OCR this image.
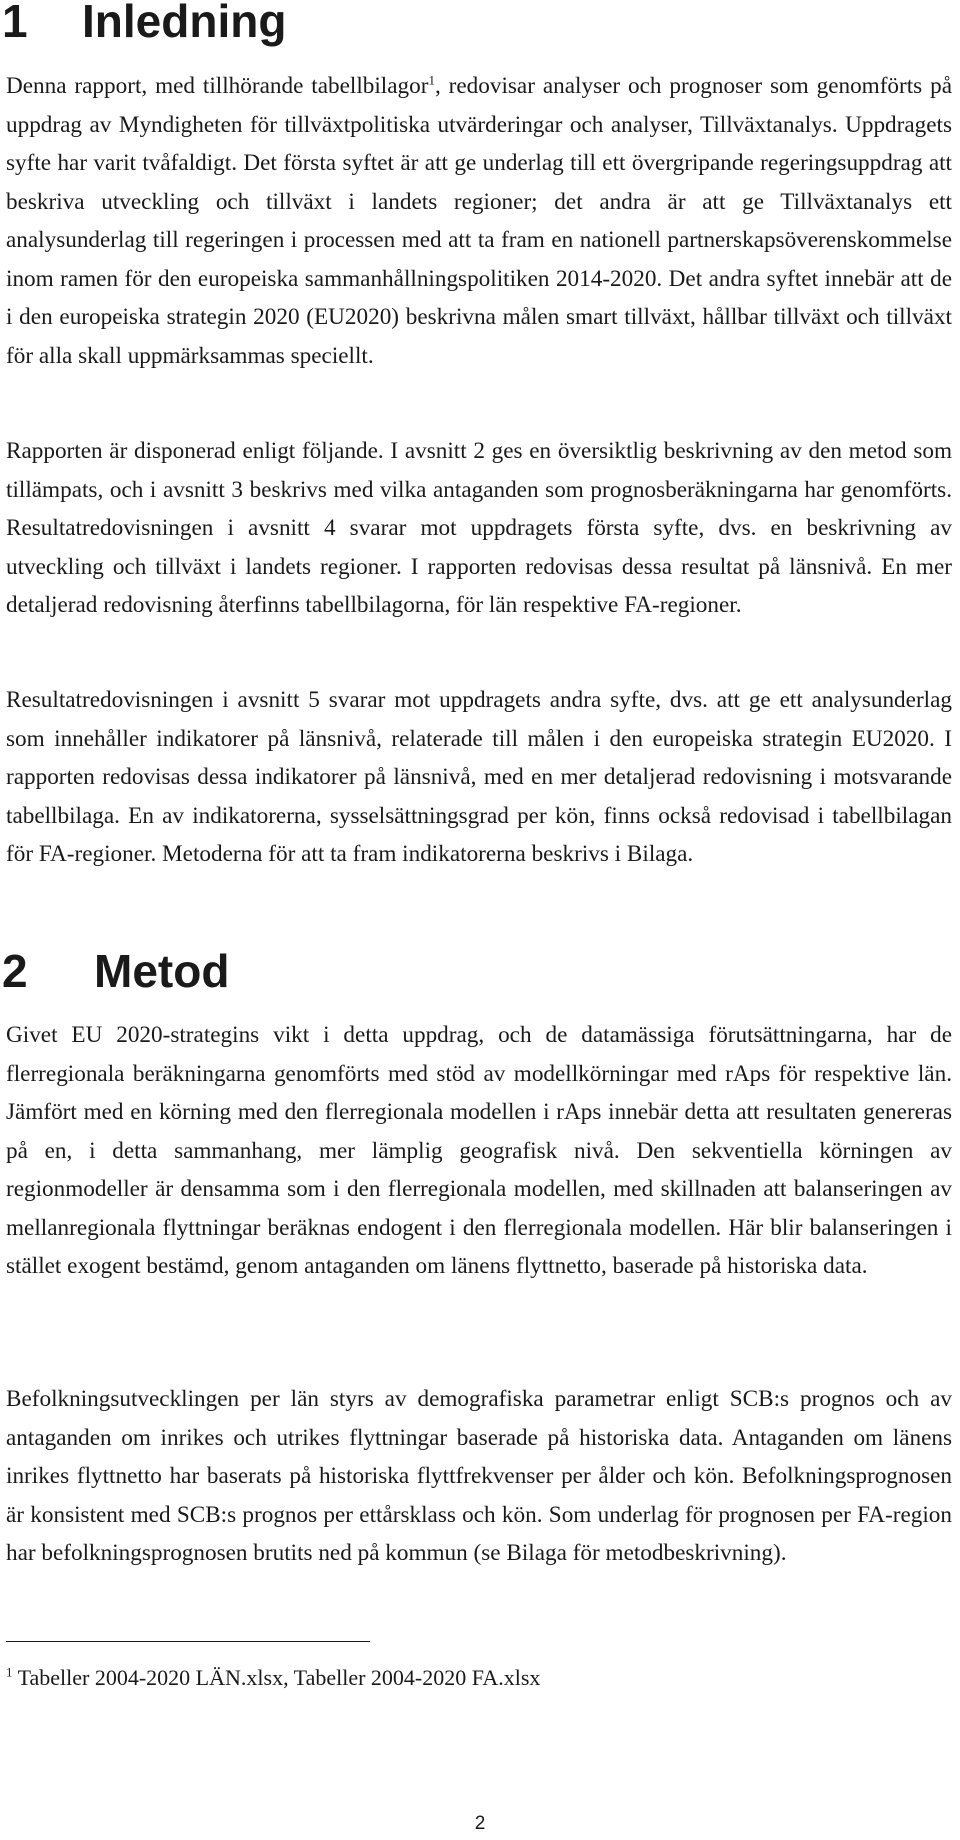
1 Inledning

Denna rapport, med tillhörande tabellbilagor$^1$, redovisar analyser och prognoser som genomförts på uppdrag av Myndigheten för tillväxtpolitiska utvärderingar och analyser, Tillväxtanalys. Uppdragets syfte har varit tvåfaldigt. Det första syftet är att ge underlag till ett övergripande regeringsuppdrag att beskriva utveckling och tillväxt i landets regioner; det andra är att ge Tillväxtanalys ett analysunderlag till regeringen i processen med att ta fram en nationell partnerskapsöverenskommelse inom ramen för den europeiska sammanhållningspolitiken 2014-2020. Det andra syftet innebär att de i den europeiska strategin 2020 (EU2020) beskrivna målen smart tillväxt, hållbar tillväxt och tillväxt för alla skall uppmärksammas speciellt.

Rapporten är disponerad enligt följande. I avsnitt 2 ges en översiktlig beskrivning av den metod som tillämpats, och i avsnitt 3 beskrivs med vilka antaganden som prognosberäkningarna har genomförts. Resultatredovisningen i avsnitt 4 svarar mot uppdragets första syfte, dvs. en beskrivning av utveckling och tillväxt i landets regioner. I rapporten redovisas dessa resultat på länsnivå. En mer detaljerad redovisning återfinns tabellbilagorna, för län respektive FA-regioner.

Resultatredovisningen i avsnitt 5 svarar mot uppdragets andra syfte, dvs. att ge ett analysunderlag som innehåller indikatorer på länsnivå, relaterade till målen i den europeiska strategin EU2020. I rapporten redovisas dessa indikatorer på länsnivå, med en mer detaljerad redovisning i motsvarande tabellbilaga. En av indikatorerna, sysselsättningsgrad per kön, finns också redovisad i tabellbilagan för FA-regioner. Metoderna för att ta fram indikatorerna beskrivs i Bilaga.

2 Metod

Givet EU 2020-strategins vikt i detta uppdrag, och de datamässiga förutsättningarna, har de flerregionala beräkningarna genomförts med stöd av modellkörningar med rAps för respektive län. Jämfört med en körning med den flerregionala modellen i rAps innebär detta att resultaten genereras på en, i detta sammanhang, mer lämplig geografisk nivå. Den sekventiella körningen av regionmodeller är densamma som i den flerregionala modellen, med skillnaden att balanseringen av mellanregionala flyttningar beräknas endogent i den flerregionala modellen. Här blir balanseringen i stället exogent bestämd, genom antaganden om länens flyttnetto, baserade på historiska data.

Befolkningsutvecklingen per län styrs av demografiska parametrar enligt SCB:s prognos och av antaganden om inrikes och utrikes flyttningar baserade på historiska data. Antaganden om länens inrikes flyttnetto har baserats på historiska flyttfrekvenser per ålder och kön. Befolkningsprognosen är konsistent med SCB:s prognos per ettårsklass och kön. Som underlag för prognosen per FA-region har befolkningsprognosen brutits ned på kommun (se Bilaga för metodbeskrivning).

$^1$ Tabeller 2004-2020 LÄN.xlsx, Tabeller 2004-2020 FA.xlsx

2
